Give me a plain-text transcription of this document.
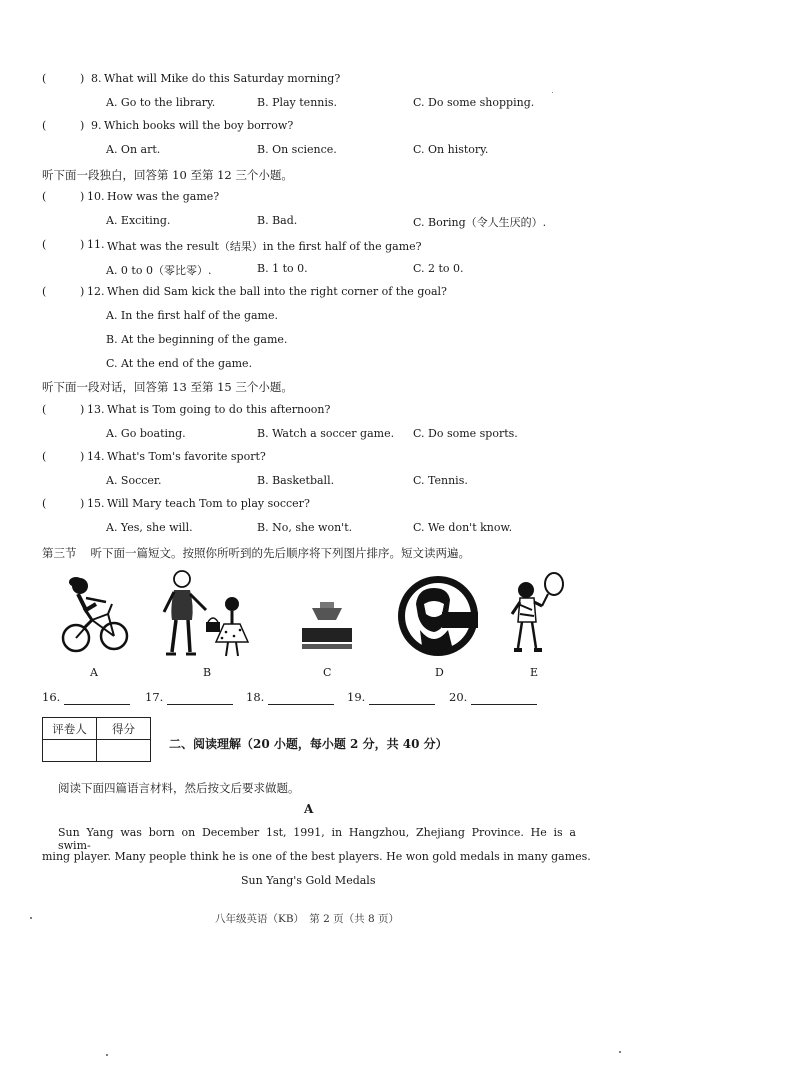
(	) 8 . What will Mike do this Saturday morning?
A. Go to the library.	B. Play tennis.	C. Do some shopping.
(	) 9 . Which books will the boy borrow?
A. On art.	B. On science.	C. On history.
(	) 10 . How was the game?
A. Exciting.	B. Bad.	C. Boring（令人生厌的）.
(	) 11 . What was the result（结果）in the first half of the game?
A. 0 to 0（零比零）.	B. 1 to 0.	C. 2 to 0.
(	) 12 . When did Sam kick the ball into the right corner of the goal?
A. In the first half of the game.
B. At the beginning of the game.
C. At the end of the game.
(	) 13 . What is Tom going to do this afternoon?
A. Go boating.	B. Watch a soccer game. C. Do some sports.
(	) 14 . What's Tom's favorite sport?
A. Soccer.	B. Basketball.	C. Tennis.
(	) 15 . Will Mary teach Tom to play soccer?
A. Yes, she will.	B. No, she won't.	C. We don't know.
听下面一段独白，回答第 10 至第 12 三个小题。
听下面一段对话，回答第 13 至第 15 三个小题。
第三节 听下面一篇短文。按照你所听到的先后顺序将下列图片排序。短文读两遍。
A	B	C	D	E
16.	17.	18.	19.	20.
评卷人	得分

二、阅读理解（20 小题，每小题 2 分，共 40 分）
阅读下面四篇语言材料，然后按文后要求做题。
A
Sun Yang was born on December 1st, 1991, in Hangzhou, Zhejiang Province. He is a swim-
ming player. Many people think he is one of the best players. He won gold medals in many games.
Sun Yang's Gold Medals
八年级英语（KB）　第 2 页（共 8 页）
